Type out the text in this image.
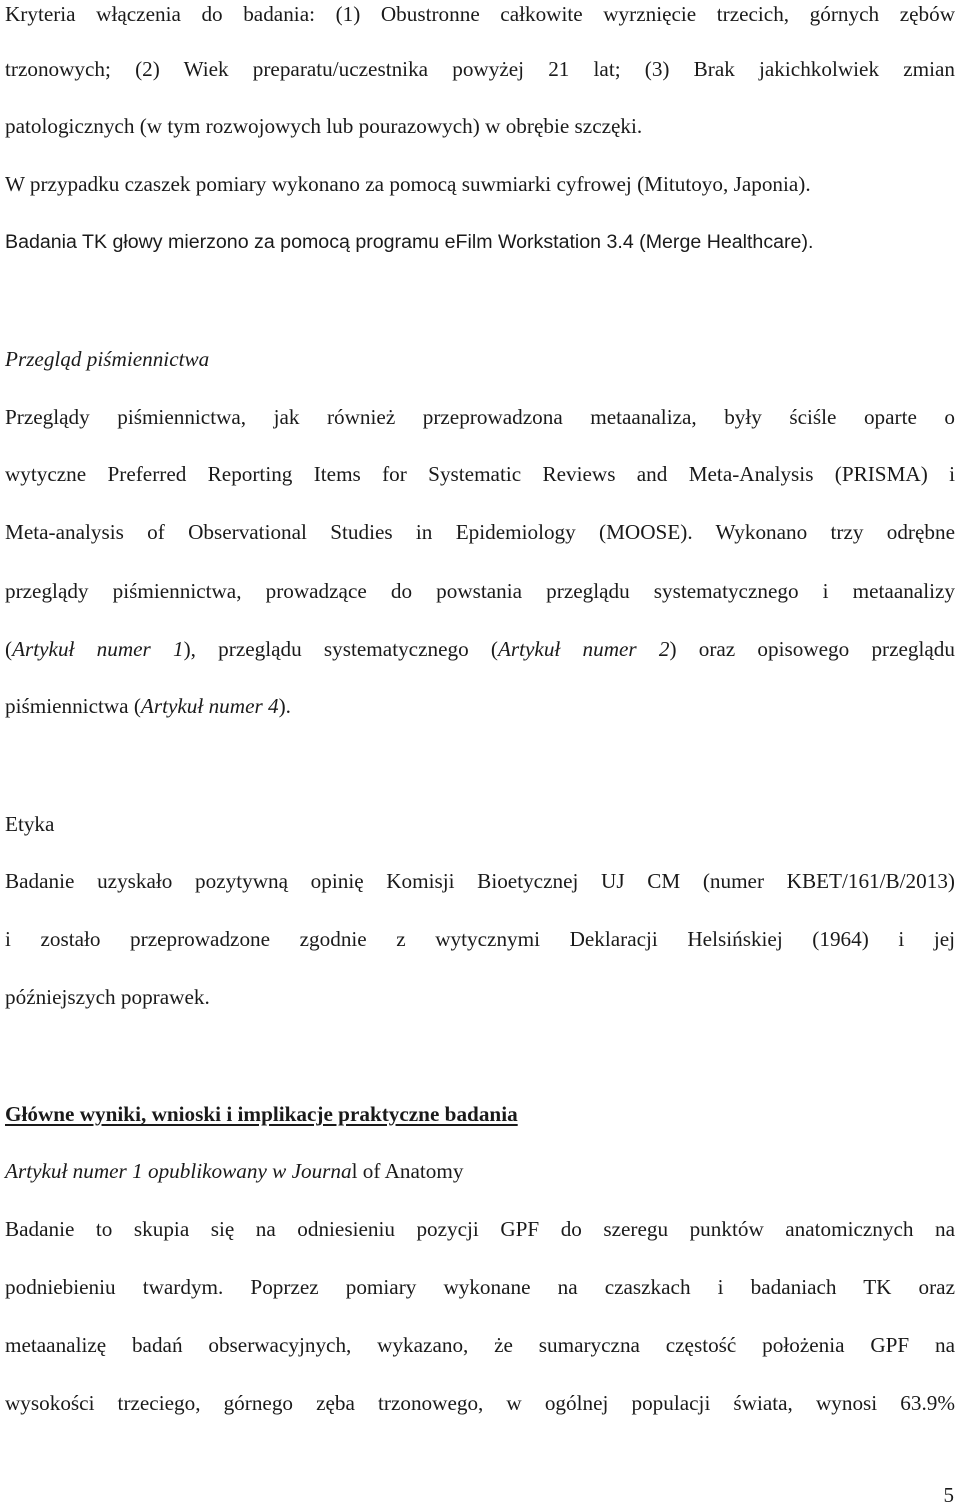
Kryteria włączenia do badania: (1) Obustronne całkowite wyrznięcie trzecich, górnych zębów
trzonowych; (2) Wiek preparatu/uczestnika powyżej 21 lat; (3) Brak jakichkolwiek zmian
patologicznych (w tym rozwojowych lub pourazowych) w obrębie szczęki.
W przypadku czaszek pomiary wykonano za pomocą suwmiarki cyfrowej (Mitutoyo, Japonia).
Badania TK głowy mierzono za pomocą programu eFilm Workstation 3.4 (Merge Healthcare).
Przegląd piśmiennictwa
Przeglądy piśmiennictwa, jak również przeprowadzona metaanaliza, były ściśle oparte o
wytyczne Preferred Reporting Items for Systematic Reviews and Meta-Analysis (PRISMA) i
Meta-analysis of Observational Studies in Epidemiology (MOOSE). Wykonano trzy odrębne
przeglądy piśmiennictwa, prowadzące do powstania przeglądu systematycznego i metaanalizy
(Artykuł numer 1), przeglądu systematycznego (Artykuł numer 2) oraz opisowego przeglądu
piśmiennictwa (Artykuł numer 4).
Etyka
Badanie uzyskało pozytywną opinię Komisji Bioetycznej UJ CM (numer KBET/161/B/2013)
i zostało przeprowadzone zgodnie z wytycznymi Deklaracji Helsińskiej (1964) i jej
późniejszych poprawek.
Główne wyniki, wnioski i implikacje praktyczne badania
Artykuł numer 1 opublikowany w Journal of Anatomy
Badanie to skupia się na odniesieniu pozycji GPF do szeregu punktów anatomicznych na
podniebieniu twardym. Poprzez pomiary wykonane na czaszkach i badaniach TK oraz
metaanalizę badań obserwacyjnych, wykazano, że sumaryczna częstość położenia GPF na
wysokości trzeciego, górnego zęba trzonowego, w ogólnej populacji świata, wynosi 63.9%
5
